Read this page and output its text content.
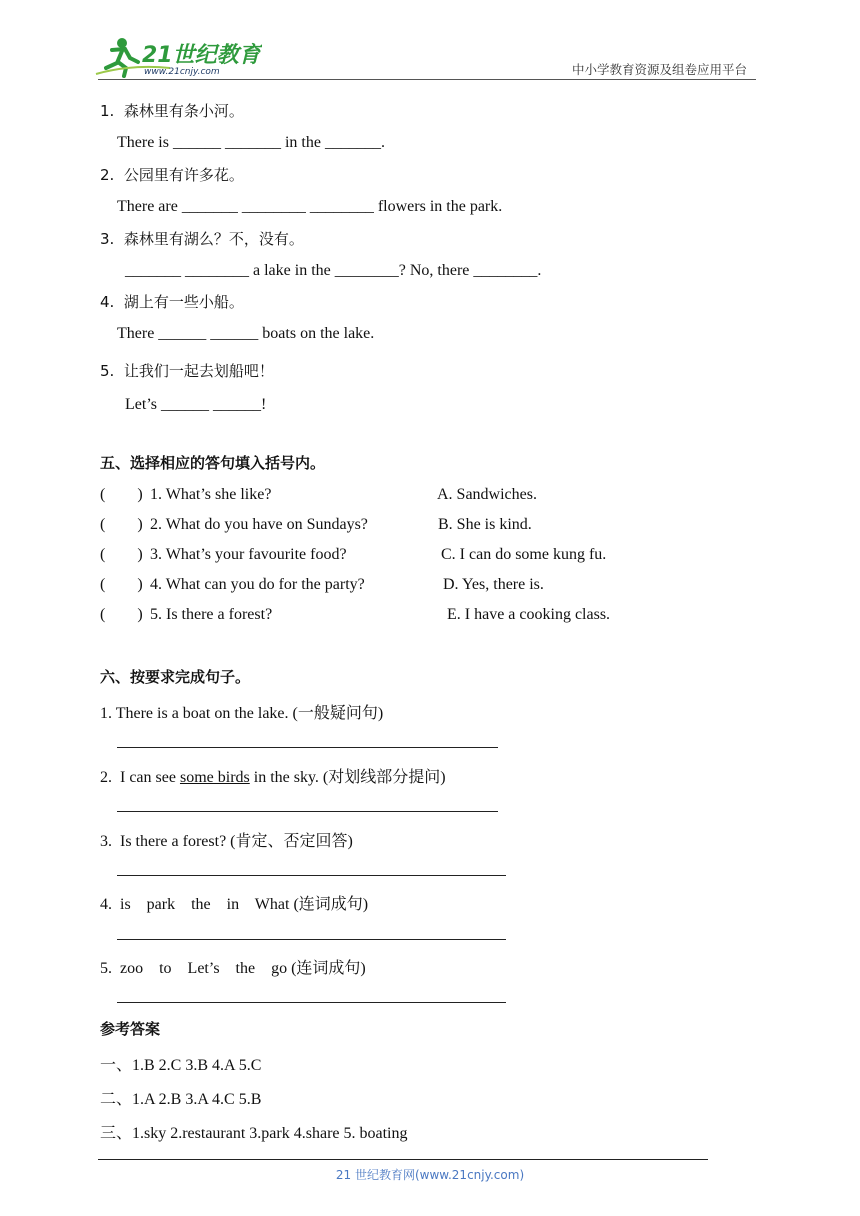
21世纪教育
www.21cnjy.com	中小学教育资源及组卷应用平台
1. 森林里有条小河。
There is ______ _______ in the _______.
2. 公园里有许多花。
There are _______ ________ ________ flowers in the park.
3. 森林里有湖么？不，没有。
_______ ________ a lake in the ________? No, there ________.
4. 湖上有一些小船。
There ______ ______ boats on the lake.
5. 让我们一起去划船吧！
Let’s ______ ______!
五、选择相应的答句填入括号内。
(        ) 1. What’s she like?	A. Sandwiches.
(        ) 2. What do you have on Sundays?	B. She is kind.
(        ) 3. What’s your favourite food?	C. I can do some kung fu.
(        ) 4. What can you do for the party?	D. Yes, there is.
(        ) 5. Is there a forest?	E. I have a cooking class.
六、按要求完成句子。
1. There is a boat on the lake. (一般疑问句)
2.  I can see some birds in the sky. (对划线部分提问)
3.  Is there a forest? (肯定、否定回答)
4.  is    park    the    in    What (连词成句)
5.  zoo    to    Let’s    the    go (连词成句)
参考答案
一、1.B 2.C 3.B 4.A 5.C
二、1.A 2.B 3.A 4.C 5.B
三、1.sky 2.restaurant 3.park 4.share 5. boating
21 世纪教育网(www.21cnjy.com)
